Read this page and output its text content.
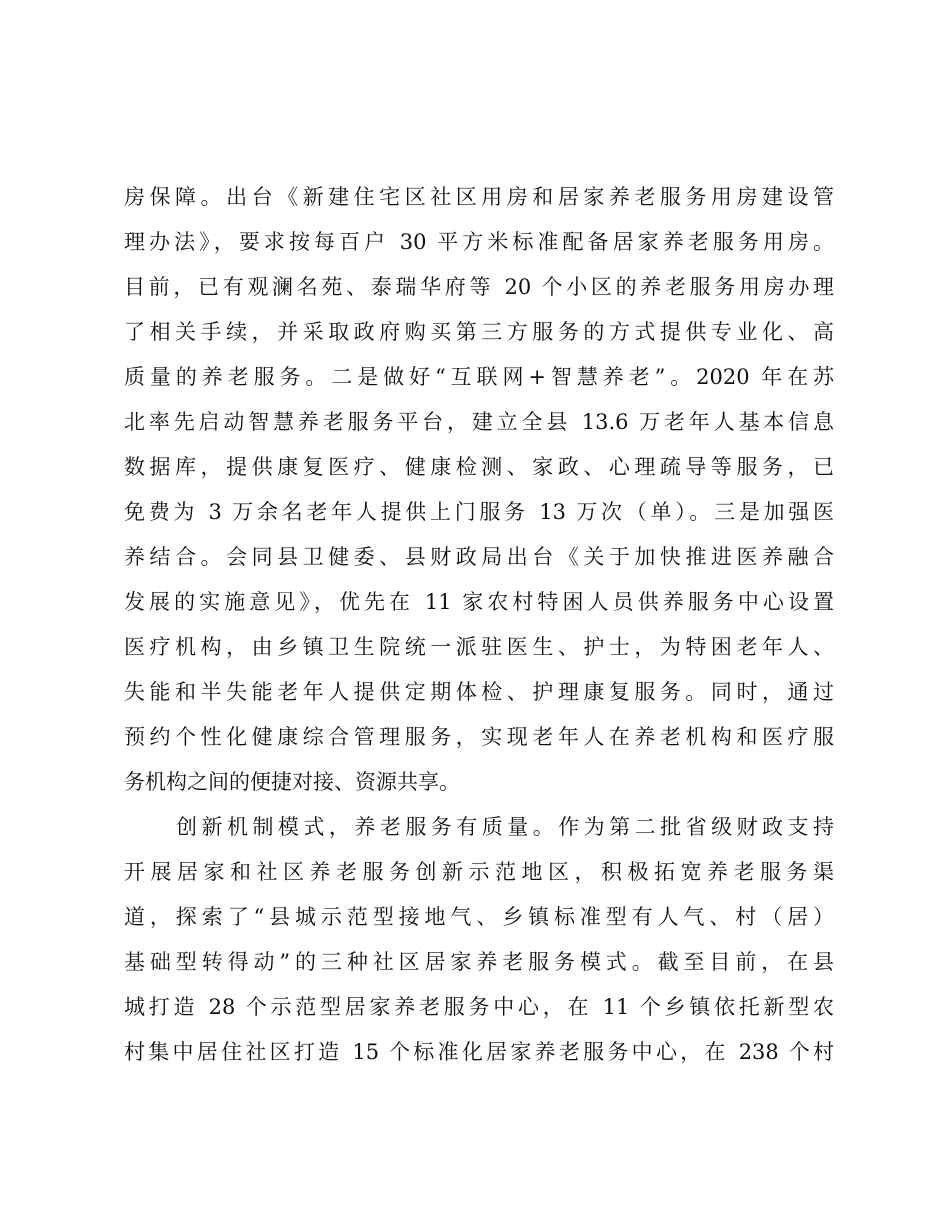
房保障。出台《新建住宅区社区用房和居家养老服务用房建设管
理办法》，要求按每百户 30 平方米标准配备居家养老服务用房。
目前，已有观澜名苑、泰瑞华府等 20 个小区的养老服务用房办理
了相关手续，并采取政府购买第三方服务的方式提供专业化、高
质量的养老服务。二是做好“互联网+智慧养老”。2020 年在苏
北率先启动智慧养老服务平台，建立全县 13.6 万老年人基本信息
数据库，提供康复医疗、健康检测、家政、心理疏导等服务，已
免费为 3 万余名老年人提供上门服务 13 万次（单）。三是加强医
养结合。会同县卫健委、县财政局出台《关于加快推进医养融合
发展的实施意见》，优先在 11 家农村特困人员供养服务中心设置
医疗机构，由乡镇卫生院统一派驻医生、护士，为特困老年人、
失能和半失能老年人提供定期体检、护理康复服务。同时，通过
预约个性化健康综合管理服务，实现老年人在养老机构和医疗服
务机构之间的便捷对接、资源共享。
创新机制模式，养老服务有质量。作为第二批省级财政支持
开展居家和社区养老服务创新示范地区，积极拓宽养老服务渠
道，探索了“县城示范型接地气、乡镇标准型有人气、村（居）
基础型转得动”的三种社区居家养老服务模式。截至目前，在县
城打造 28 个示范型居家养老服务中心，在 11 个乡镇依托新型农
村集中居住社区打造 15 个标准化居家养老服务中心，在 238 个村
